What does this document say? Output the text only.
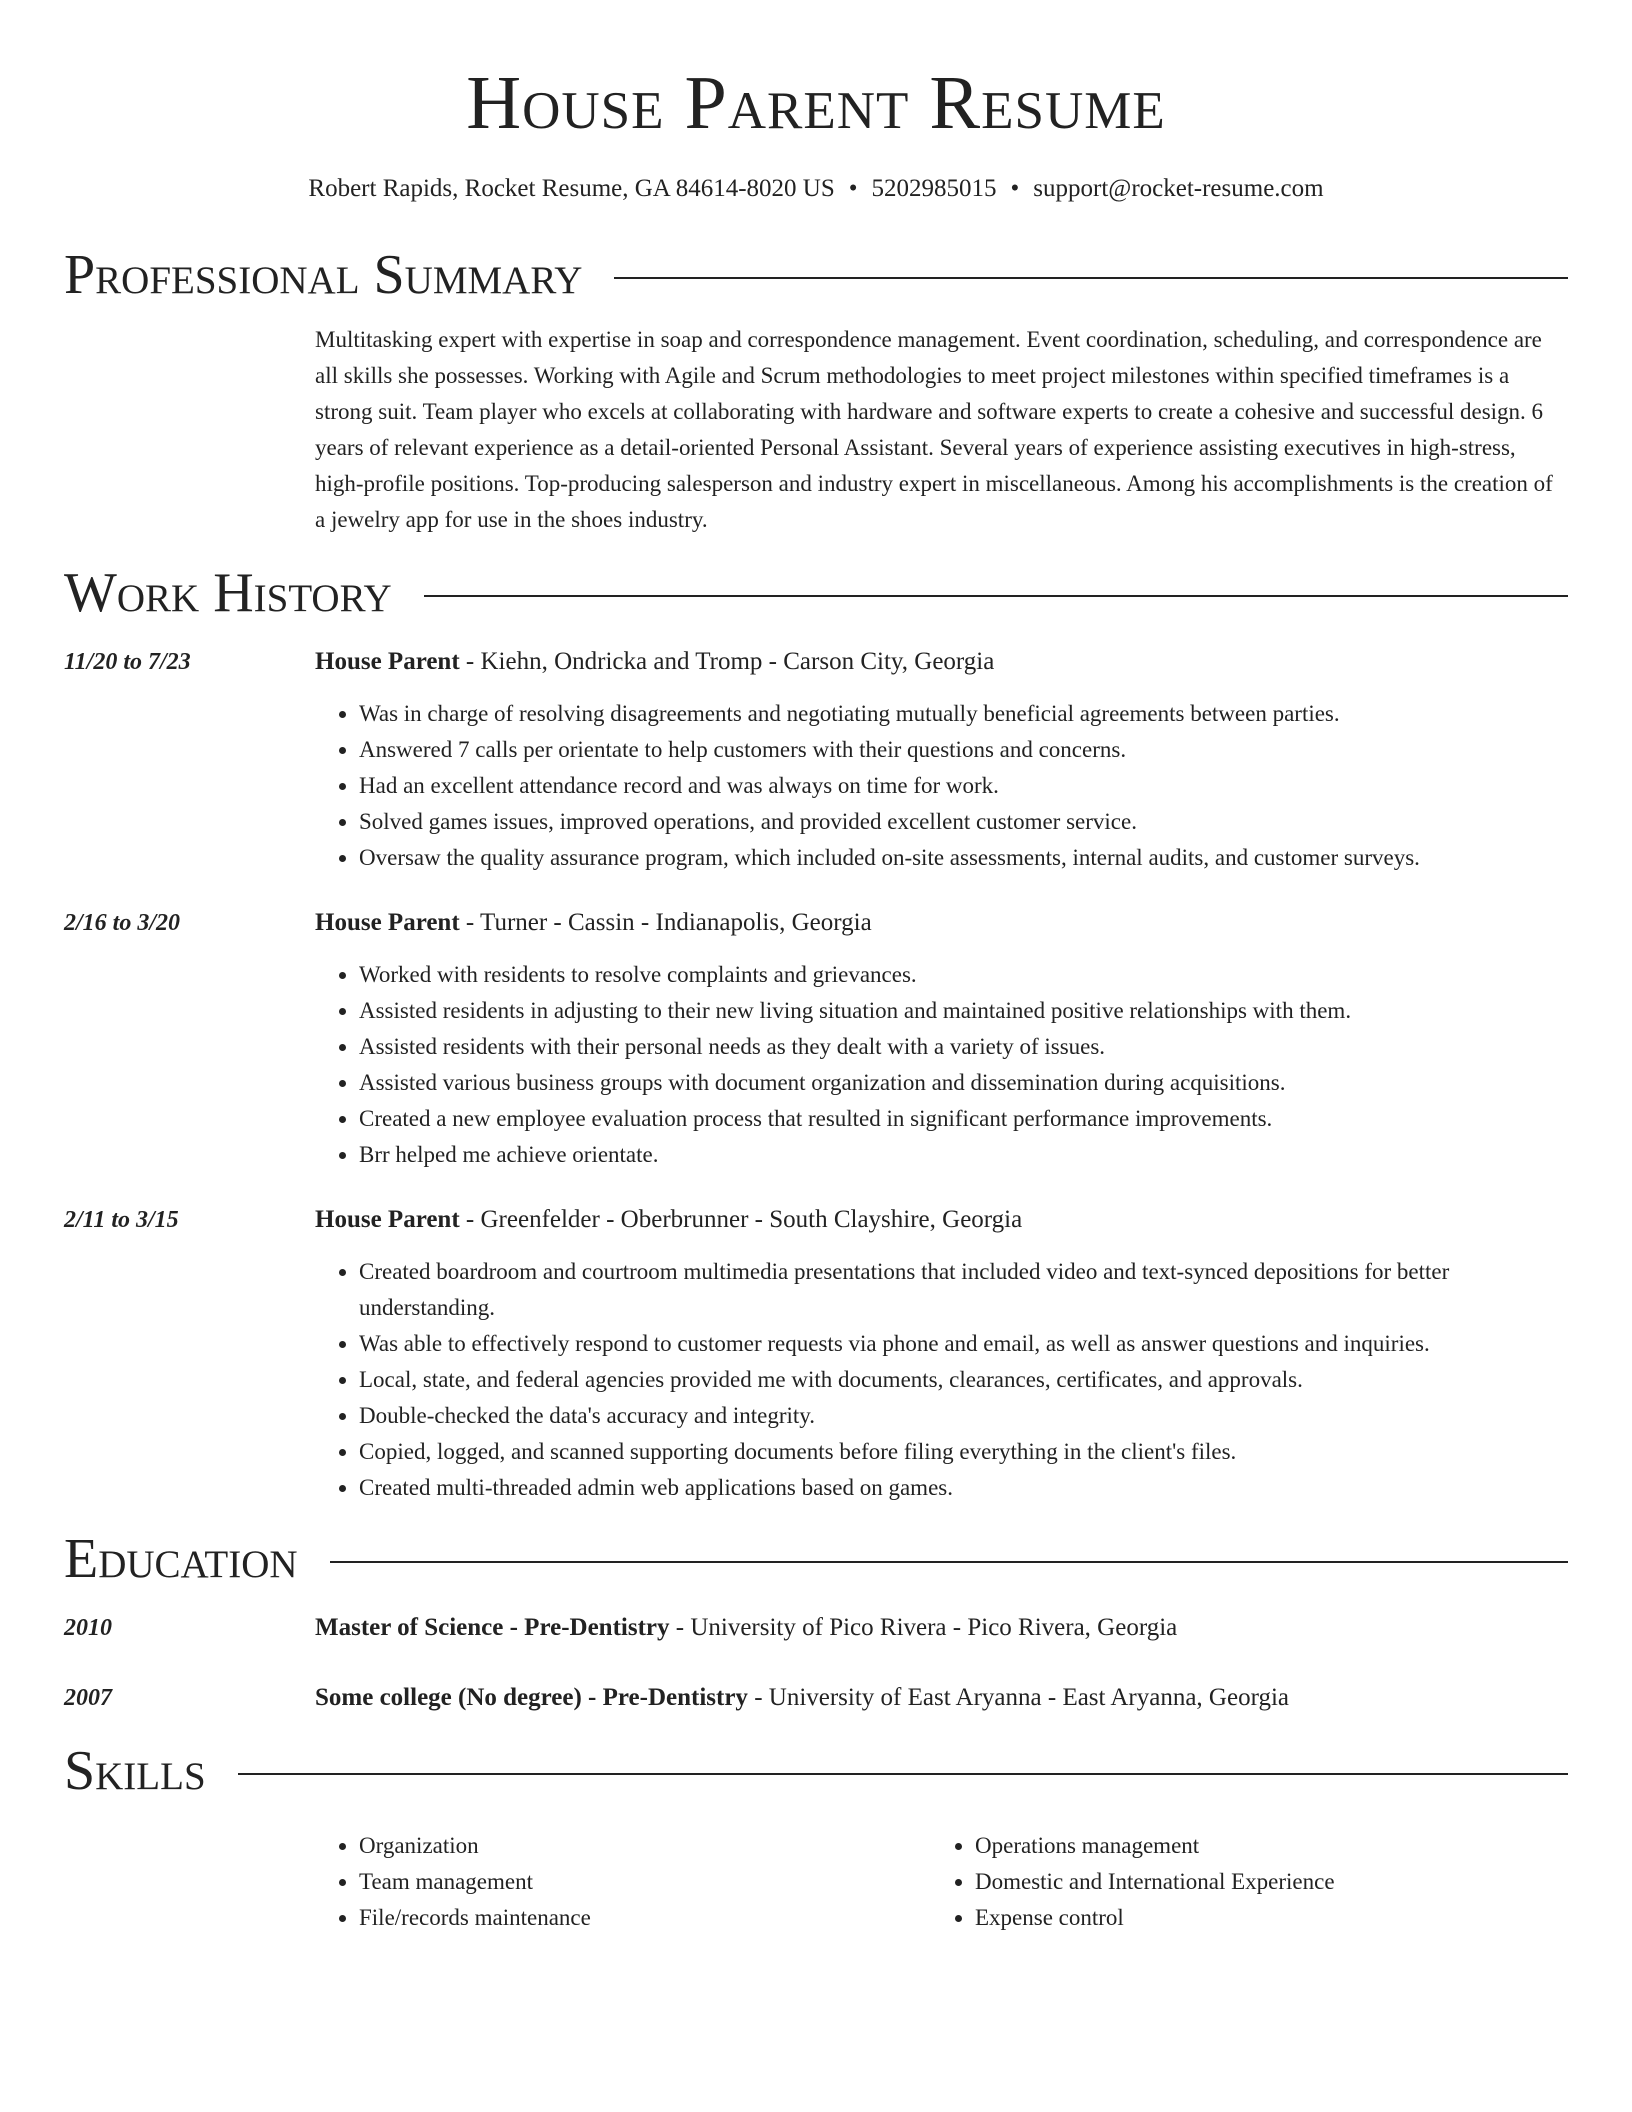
House Parent Resume
Robert Rapids, Rocket Resume, GA 84614-8020 US • 5202985015 • support@rocket-resume.com
Professional Summary
Multitasking expert with expertise in soap and correspondence management. Event coordination, scheduling, and correspondence are all skills she possesses. Working with Agile and Scrum methodologies to meet project milestones within specified timeframes is a strong suit. Team player who excels at collaborating with hardware and software experts to create a cohesive and successful design. 6 years of relevant experience as a detail-oriented Personal Assistant. Several years of experience assisting executives in high-stress, high-profile positions. Top-producing salesperson and industry expert in miscellaneous. Among his accomplishments is the creation of a jewelry app for use in the shoes industry.
Work History
11/20 to 7/23	House Parent - Kiehn, Ondricka and Tromp - Carson City, Georgia
• Was in charge of resolving disagreements and negotiating mutually beneficial agreements between parties.
• Answered 7 calls per orientate to help customers with their questions and concerns.
• Had an excellent attendance record and was always on time for work.
• Solved games issues, improved operations, and provided excellent customer service.
• Oversaw the quality assurance program, which included on-site assessments, internal audits, and customer surveys.
2/16 to 3/20	House Parent - Turner - Cassin - Indianapolis, Georgia
• Worked with residents to resolve complaints and grievances.
• Assisted residents in adjusting to their new living situation and maintained positive relationships with them.
• Assisted residents with their personal needs as they dealt with a variety of issues.
• Assisted various business groups with document organization and dissemination during acquisitions.
• Created a new employee evaluation process that resulted in significant performance improvements.
• Brr helped me achieve orientate.
2/11 to 3/15	House Parent - Greenfelder - Oberbrunner - South Clayshire, Georgia
• Created boardroom and courtroom multimedia presentations that included video and text-synced depositions for better understanding.
• Was able to effectively respond to customer requests via phone and email, as well as answer questions and inquiries.
• Local, state, and federal agencies provided me with documents, clearances, certificates, and approvals.
• Double-checked the data's accuracy and integrity.
• Copied, logged, and scanned supporting documents before filing everything in the client's files.
• Created multi-threaded admin web applications based on games.
Education
2010	Master of Science - Pre-Dentistry - University of Pico Rivera - Pico Rivera, Georgia
2007	Some college (No degree) - Pre-Dentistry - University of East Aryanna - East Aryanna, Georgia
Skills
• Organization
• Team management
• File/records maintenance
• Operations management
• Domestic and International Experience
• Expense control
